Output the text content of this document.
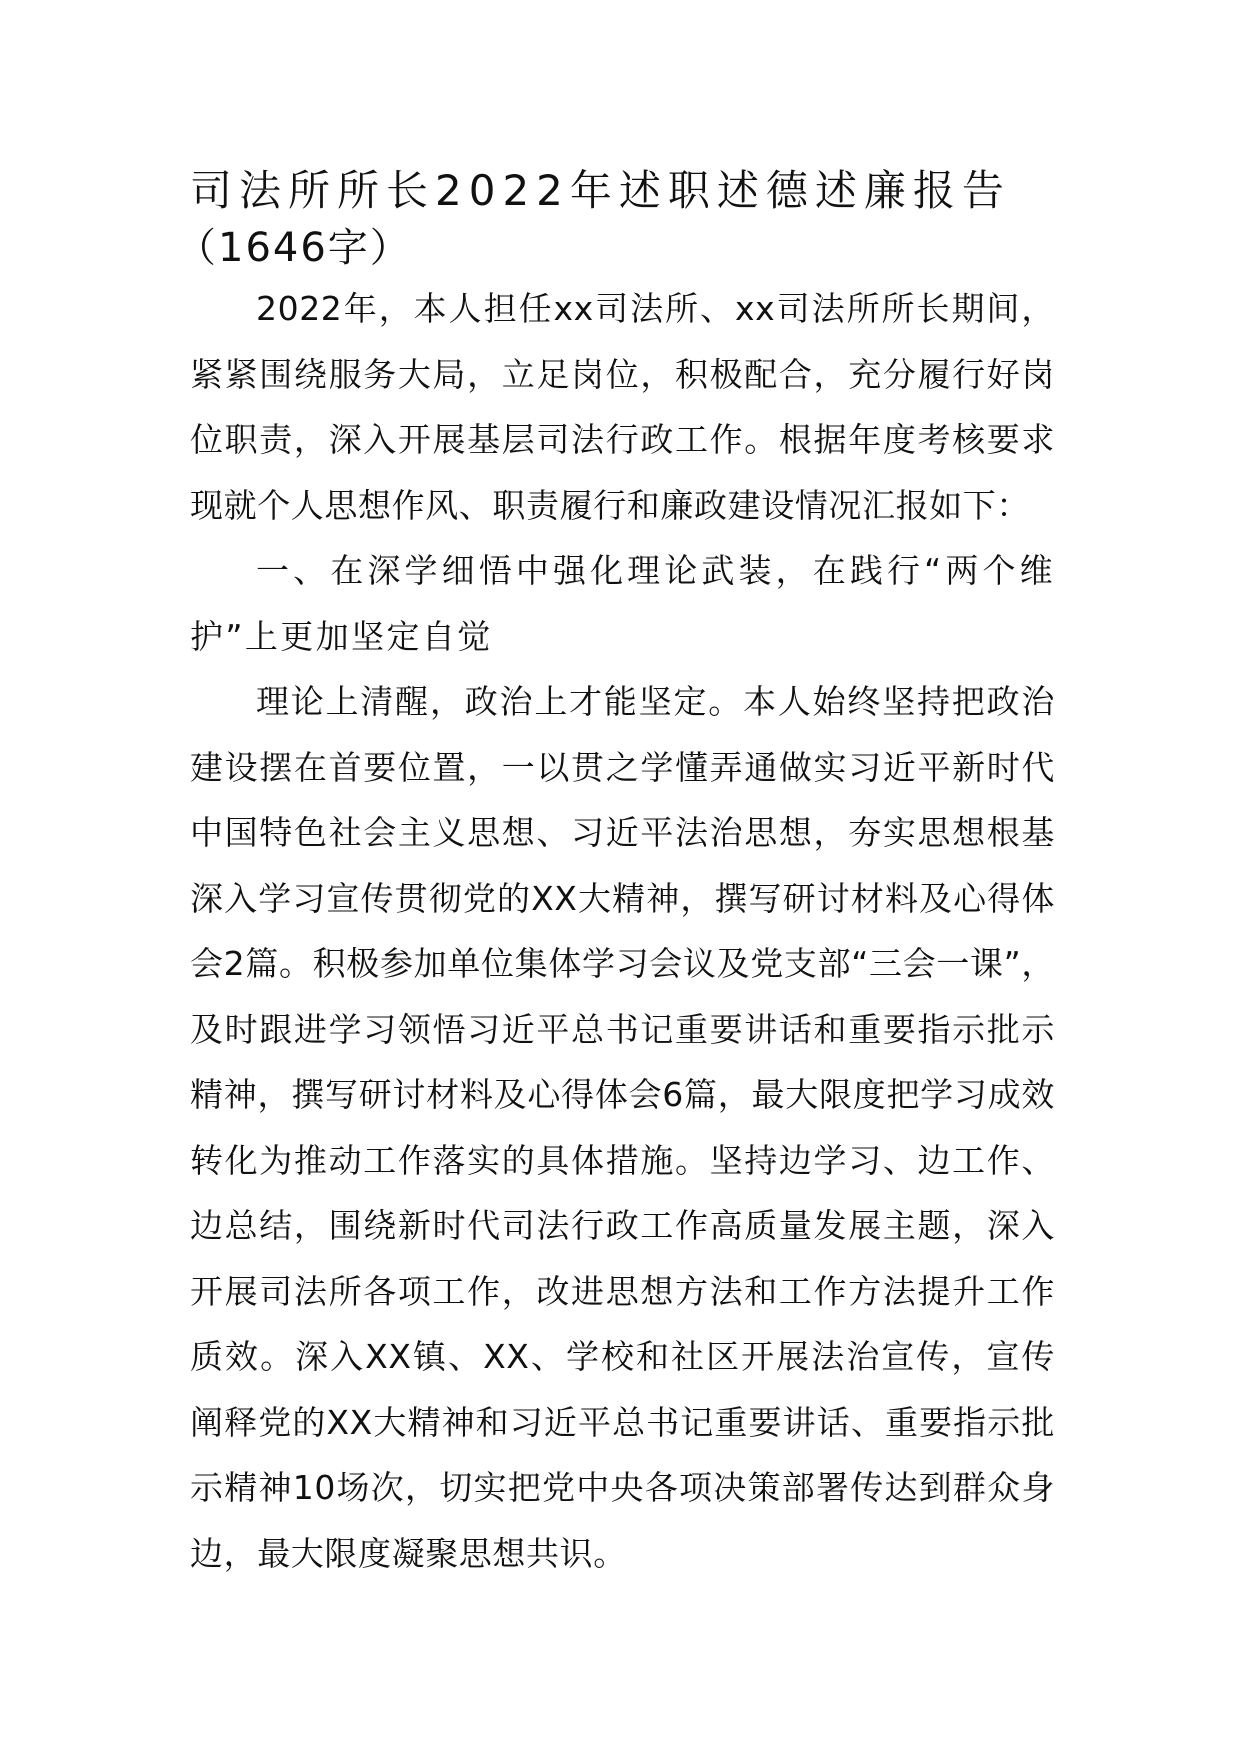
司法所所长2022年述职述德述廉报告
（1646字）

2022年，本人担任xx司法所、xx司法所所长期间，紧紧围绕服务大局，立足岗位，积极配合，充分履行好岗位职责，深入开展基层司法行政工作。根据年度考核要求现就个人思想作风、职责履行和廉政建设情况汇报如下：

一、在深学细悟中强化理论武装，在践行“两个维护”上更加坚定自觉

理论上清醒，政治上才能坚定。本人始终坚持把政治建设摆在首要位置，一以贯之学懂弄通做实习近平新时代中国特色社会主义思想、习近平法治思想，夯实思想根基深入学习宣传贯彻党的XX大精神，撰写研讨材料及心得体会2篇。积极参加单位集体学习会议及党支部“三会一课”，及时跟进学习领悟习近平总书记重要讲话和重要指示批示精神，撰写研讨材料及心得体会6篇，最大限度把学习成效转化为推动工作落实的具体措施。坚持边学习、边工作、边总结，围绕新时代司法行政工作高质量发展主题，深入开展司法所各项工作，改进思想方法和工作方法提升工作质效。深入XX镇、XX、学校和社区开展法治宣传，宣传阐释党的XX大精神和习近平总书记重要讲话、重要指示批示精神10场次，切实把党中央各项决策部署传达到群众身边，最大限度凝聚思想共识。
